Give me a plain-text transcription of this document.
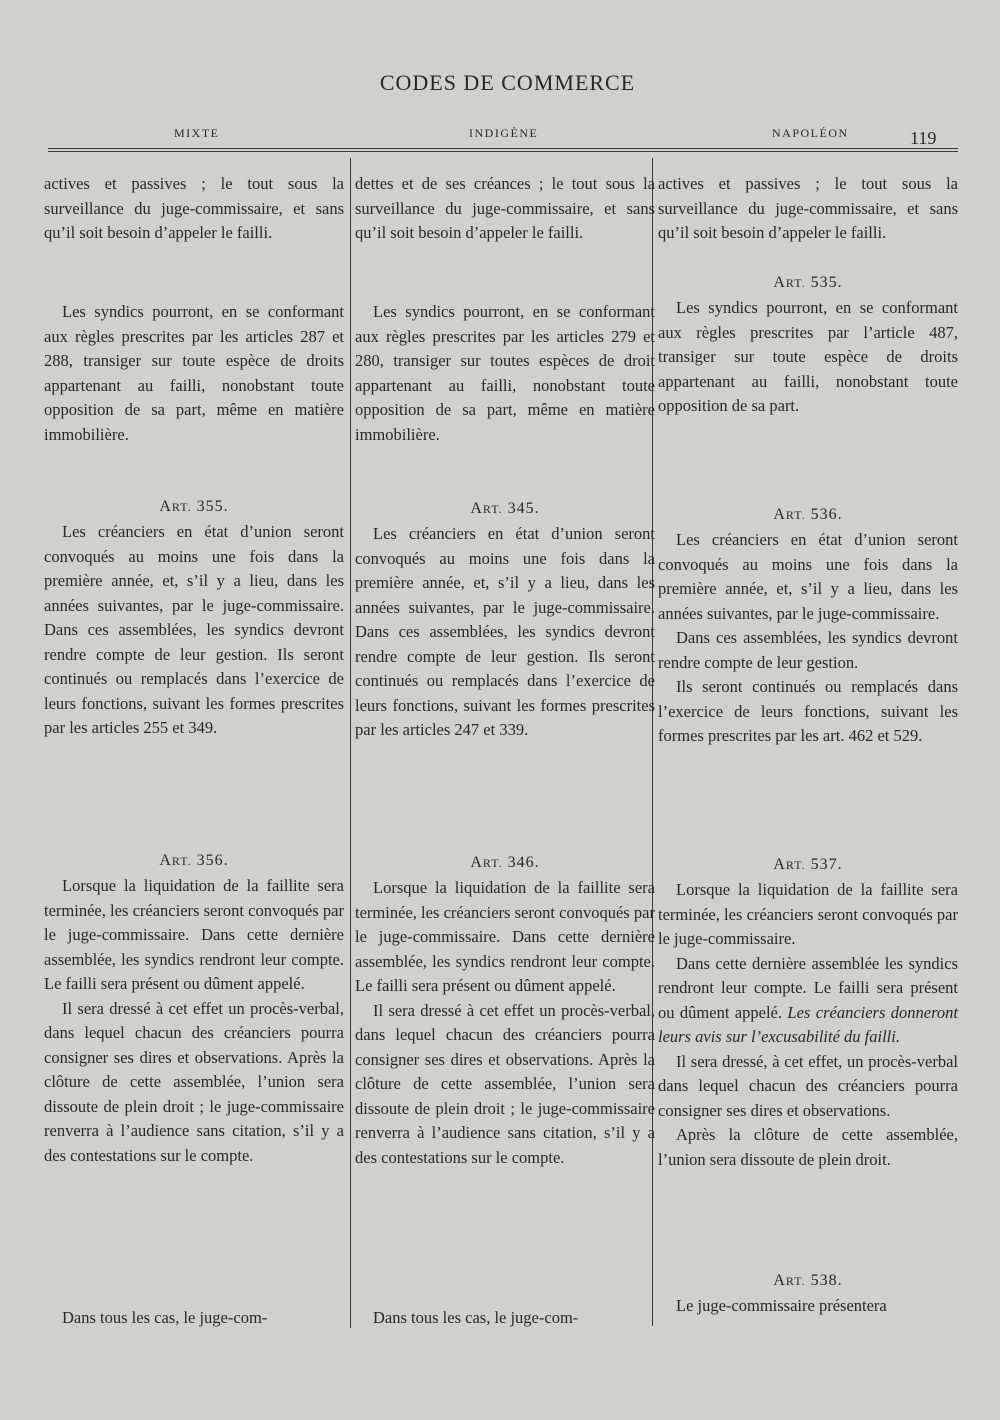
CODES DE COMMERCE
MIXTE	INDIGÈNE	NAPOLÉON	119

actives et passives ; le tout sous la surveillance du juge-commissaire, et sans qu’il soit besoin d’appeler le failli.

Les syndics pourront, en se conformant aux règles prescrites par les articles 287 et 288, transiger sur toute espèce de droits appartenant au failli, nonobstant toute opposition de sa part, même en matière immobilière.

ART. 355.

Les créanciers en état d’union seront convoqués au moins une fois dans la première année, et, s’il y a lieu, dans les années suivantes, par le juge-commissaire. Dans ces assemblées, les syndics devront rendre compte de leur gestion. Ils seront continués ou remplacés dans l’exercice de leurs fonctions, suivant les formes prescrites par les articles 255 et 349.

ART. 356.

Lorsque la liquidation de la faillite sera terminée, les créanciers seront convoqués par le juge-commissaire. Dans cette dernière assemblée, les syndics rendront leur compte. Le failli sera présent ou dûment appelé.

Il sera dressé à cet effet un procès-verbal, dans lequel chacun des créanciers pourra consigner ses dires et observations. Après la clôture de cette assemblée, l’union sera dissoute de plein droit ; le juge-commissaire renverra à l’audience sans citation, s’il y a des contestations sur le compte.

Dans tous les cas, le juge-com-

dettes et de ses créances ; le tout sous la surveillance du juge-commissaire, et sans qu’il soit besoin d’appeler le failli.

Les syndics pourront, en se conformant aux règles prescrites par les articles 279 et 280, transiger sur toutes espèces de droit appartenant au failli, nonobstant toute opposition de sa part, même en matière immobilière.

ART. 345.

Les créanciers en état d’union seront convoqués au moins une fois dans la première année, et, s’il y a lieu, dans les années suivantes, par le juge-commissaire. Dans ces assemblées, les syndics devront rendre compte de leur gestion. Ils seront continués ou remplacés dans l’exercice de leurs fonctions, suivant les formes prescrites par les articles 247 et 339.

ART. 346.

Lorsque la liquidation de la faillite sera terminée, les créanciers seront convoqués par le juge-commissaire. Dans cette dernière assemblée, les syndics rendront leur compte. Le failli sera présent ou dûment appelé.

Il sera dressé à cet effet un procès-verbal, dans lequel chacun des créanciers pourra consigner ses dires et observations. Après la clôture de cette assemblée, l’union sera dissoute de plein droit ; le juge-commissaire renverra à l’audience sans citation, s’il y a des contestations sur le compte.

Dans tous les cas, le juge-com-

actives et passives ; le tout sous la surveillance du juge-commissaire, et sans qu’il soit besoin d’appeler le failli.

ART. 535.

Les syndics pourront, en se conformant aux règles prescrites par l’article 487, transiger sur toute espèce de droits appartenant au failli, nonobstant toute opposition de sa part.

ART. 536.

Les créanciers en état d’union seront convoqués au moins une fois dans la première année, et, s’il y a lieu, dans les années suivantes, par le juge-commissaire.

Dans ces assemblées, les syndics devront rendre compte de leur gestion.

Ils seront continués ou remplacés dans l’exercice de leurs fonctions, suivant les formes prescrites par les art. 462 et 529.

ART. 537.

Lorsque la liquidation de la faillite sera terminée, les créanciers seront convoqués par le juge-commissaire.

Dans cette dernière assemblée les syndics rendront leur compte. Le failli sera présent ou dûment appelé. Les créanciers donneront leurs avis sur l’excusabilité du failli.

Il sera dressé, à cet effet, un procès-verbal dans lequel chacun des créanciers pourra consigner ses dires et observations.

Après la clôture de cette assemblée, l’union sera dissoute de plein droit.

ART. 538.

Le juge-commissaire présentera
